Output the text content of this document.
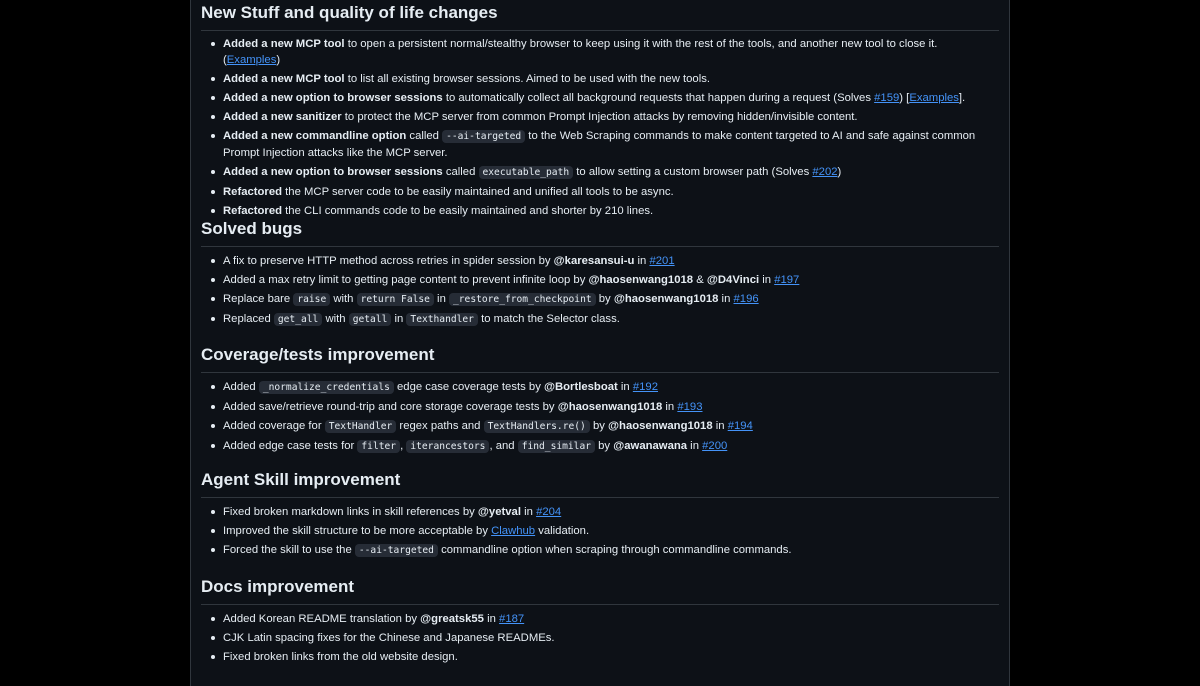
New Stuff and quality of life changes
Added a new MCP tool to open a persistent normal/stealthy browser to keep using it with the rest of the tools, and another new tool to close it. (Examples)
Added a new MCP tool to list all existing browser sessions. Aimed to be used with the new tools.
Added a new option to browser sessions to automatically collect all background requests that happen during a request (Solves #159) [Examples].
Added a new sanitizer to protect the MCP server from common Prompt Injection attacks by removing hidden/invisible content.
Added a new commandline option called --ai-targeted to the Web Scraping commands to make content targeted to AI and safe against common Prompt Injection attacks like the MCP server.
Added a new option to browser sessions called executable_path to allow setting a custom browser path (Solves #202)
Refactored the MCP server code to be easily maintained and unified all tools to be async.
Refactored the CLI commands code to be easily maintained and shorter by 210 lines.
Solved bugs
A fix to preserve HTTP method across retries in spider session by @karesansui-u in #201
Added a max retry limit to getting page content to prevent infinite loop by @haosenwang1018 & @D4Vinci in #197
Replace bare raise with return False in _restore_from_checkpoint by @haosenwang1018 in #196
Replaced get_all with getall in Texthandler to match the Selector class.
Coverage/tests improvement
Added _normalize_credentials edge case coverage tests by @Bortlesboat in #192
Added save/retrieve round-trip and core storage coverage tests by @haosenwang1018 in #193
Added coverage for TextHandler regex paths and TextHandlers.re() by @haosenwang1018 in #194
Added edge case tests for filter , iterancestors , and find_similar by @awanawana in #200
Agent Skill improvement
Fixed broken markdown links in skill references by @yetval in #204
Improved the skill structure to be more acceptable by Clawhub validation.
Forced the skill to use the --ai-targeted commandline option when scraping through commandline commands.
Docs improvement
Added Korean README translation by @greatsk55 in #187
CJK Latin spacing fixes for the Chinese and Japanese READMEs.
Fixed broken links from the old website design.
